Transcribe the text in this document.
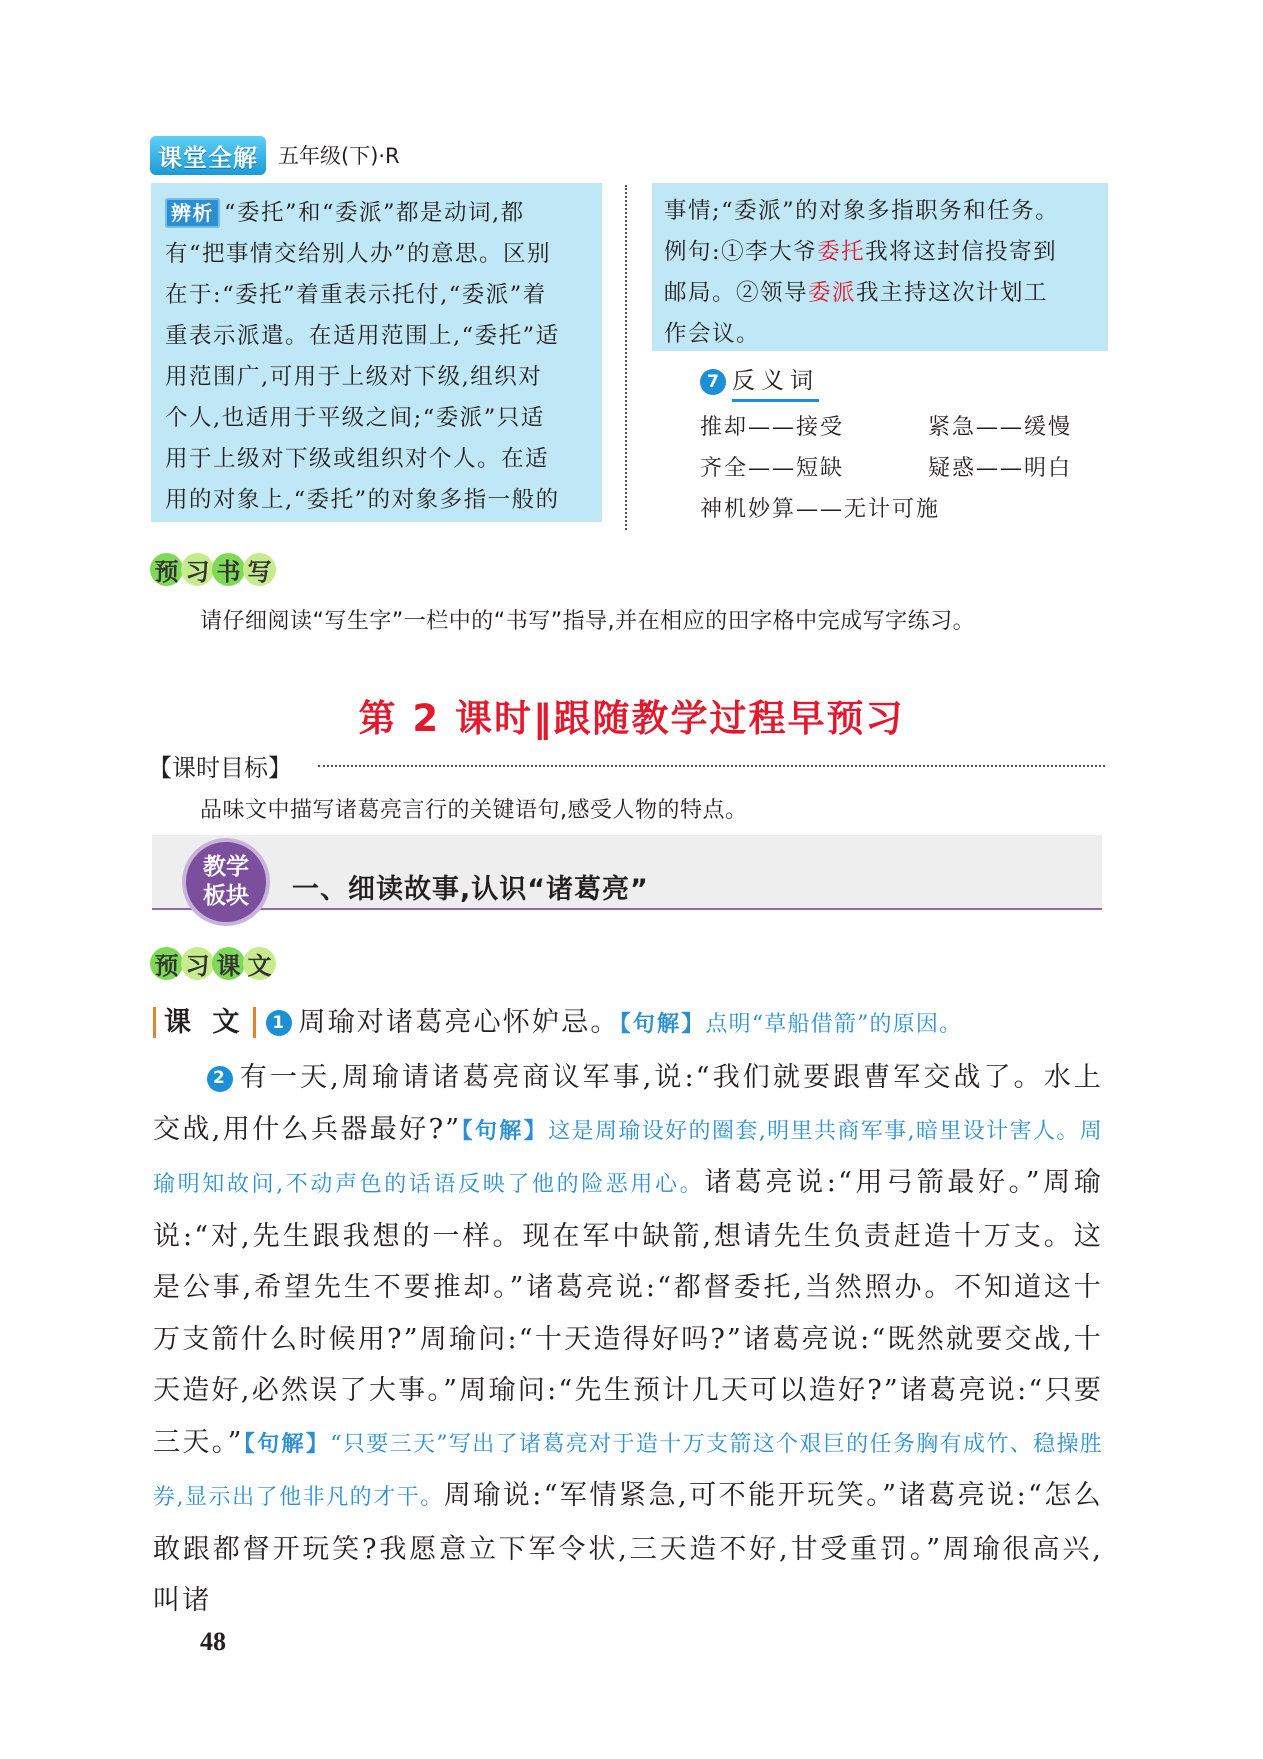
课堂全解 五年级(下)·R

辨析 “委托”和“委派”都是动词,都
有“把事情交给别人办”的意思。区别
在于:“委托”着重表示托付,“委派”着
重表示派遣。在适用范围上,“委托”适
用范围广,可用于上级对下级,组织对
个人,也适用于平级之间;“委派”只适
用于上级对下级或组织对个人。在适
用的对象上,“委托”的对象多指一般的

事情;“委派”的对象多指职务和任务。
例句:①李大爷委托我将这封信投寄到
邮局。②领导委派我主持这次计划工
作会议。

7 反义词
推却——接受	紧急——缓慢
齐全——短缺	疑惑——明白
神机妙算——无计可施
预 习 书 写
请仔细阅读“写生字”一栏中的“书写”指导,并在相应的田字格中完成写字练习。
第 2 课时‖跟随教学过程早预习
【课时目标】
品味文中描写诸葛亮言行的关键语句,感受人物的特点。
教学
板块 一、细读故事,认识“诸葛亮”
预 习 课 文
课 文 1 周瑜对诸葛亮心怀妒忌。【句解】点明“草船借箭”的原因。
2 有一天,周瑜请诸葛亮商议军事,说:“我们就要跟曹军交战了。水上交战,用什么兵器最好?”【句解】这是周瑜设好的圈套,明里共商军事,暗里设计害人。周瑜明知故问,不动声色的话语反映了他的险恶用心。诸葛亮说:“用弓箭最好。”周瑜说:“对,先生跟我想的一样。现在军中缺箭,想请先生负责赶造十万支。这是公事,希望先生不要推却。”诸葛亮说:“都督委托,当然照办。不知道这十万支箭什么时候用?”周瑜问:“十天造得好吗?”诸葛亮说:“既然就要交战,十天造好,必然误了大事。”周瑜问:“先生预计几天可以造好?”诸葛亮说:“只要三天。”【句解】“只要三天”写出了诸葛亮对于造十万支箭这个艰巨的任务胸有成竹、稳操胜券,显示出了他非凡的才干。周瑜说:“军情紧急,可不能开玩笑。”诸葛亮说:“怎么敢跟都督开玩笑?我愿意立下军令状,三天造不好,甘受重罚。”周瑜很高兴,叫诸
48
